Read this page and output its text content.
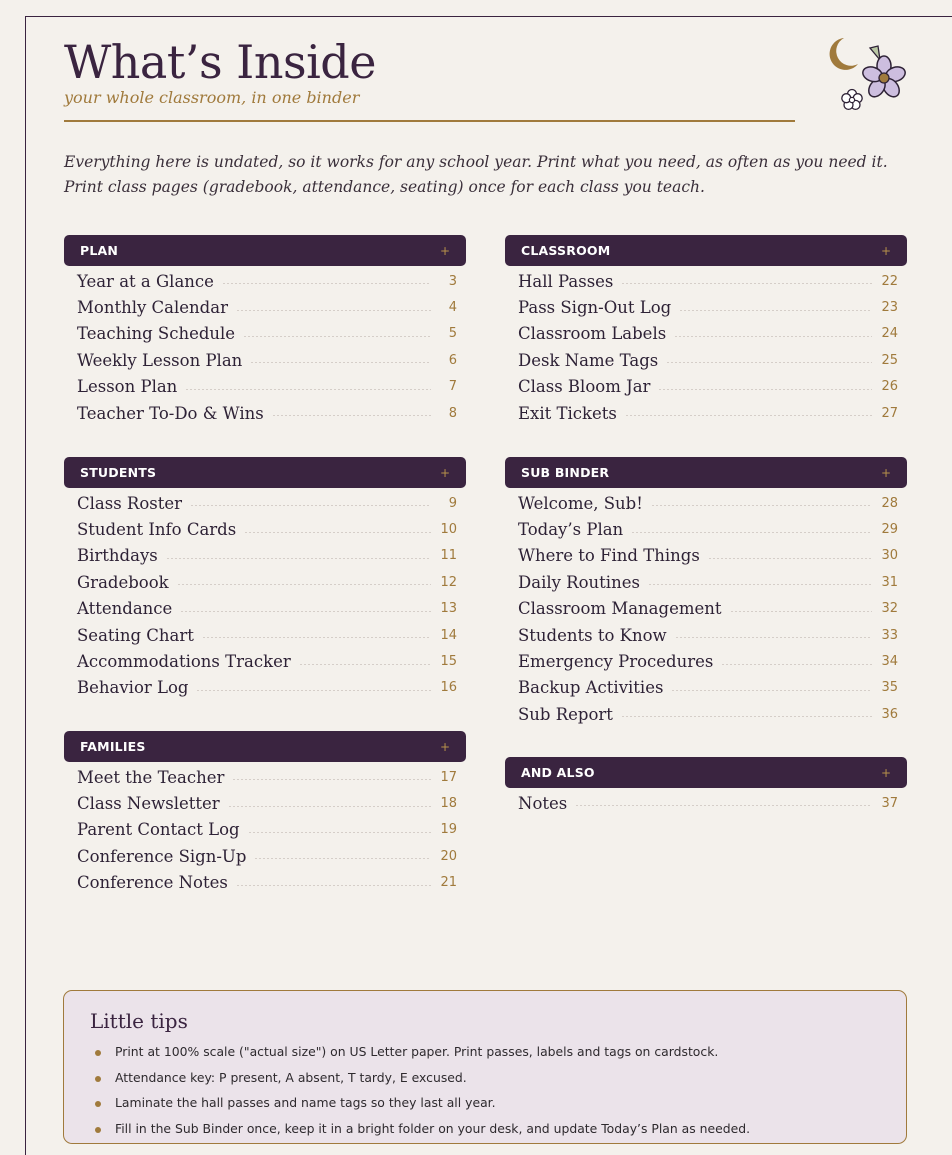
What’s Inside
your whole classroom, in one binder
Everything here is undated, so it works for any school year. Print what you need, as often as you need it.
Print class pages (gradebook, attendance, seating) once for each class you teach.
PLAN	+
Year at a Glance	3
Monthly Calendar	4
Teaching Schedule	5
Weekly Lesson Plan	6
Lesson Plan	7
Teacher To-Do & Wins	8
STUDENTS	+
Class Roster	9
Student Info Cards	10
Birthdays	11
Gradebook	12
Attendance	13
Seating Chart	14
Accommodations Tracker	15
Behavior Log	16
FAMILIES	+
Meet the Teacher	17
Class Newsletter	18
Parent Contact Log	19
Conference Sign-Up	20
Conference Notes	21
CLASSROOM	+
Hall Passes	22
Pass Sign-Out Log	23
Classroom Labels	24
Desk Name Tags	25
Class Bloom Jar	26
Exit Tickets	27
SUB BINDER	+
Welcome, Sub!	28
Today’s Plan	29
Where to Find Things	30
Daily Routines	31
Classroom Management	32
Students to Know	33
Emergency Procedures	34
Backup Activities	35
Sub Report	36
AND ALSO	+
Notes	37
Little tips
Print at 100% scale ("actual size") on US Letter paper. Print passes, labels and tags on cardstock.
Attendance key: P present, A absent, T tardy, E excused.
Laminate the hall passes and name tags so they last all year.
Fill in the Sub Binder once, keep it in a bright folder on your desk, and update Today’s Plan as needed.
